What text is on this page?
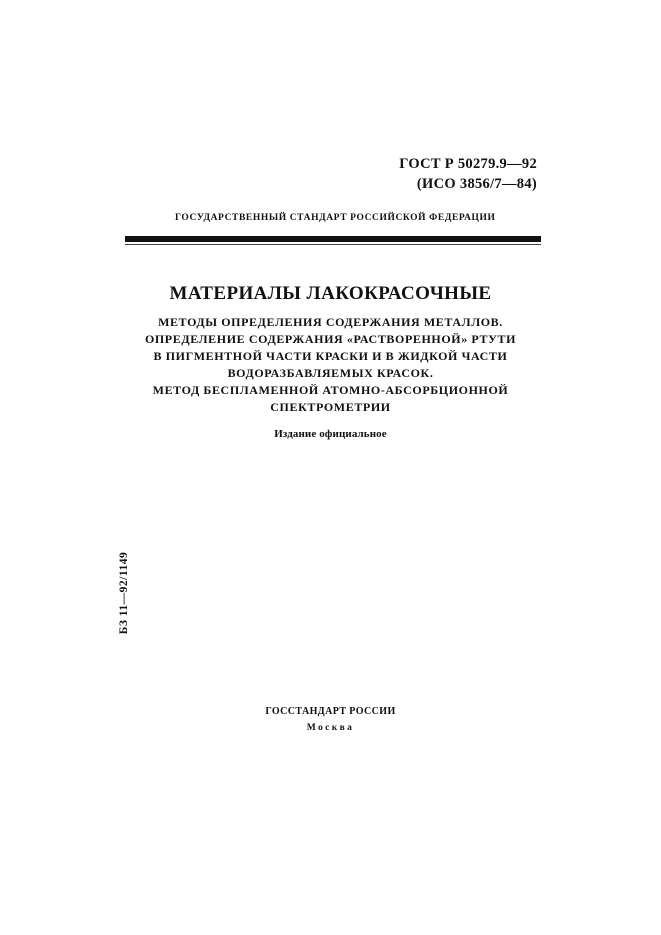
ГОСТ Р 50279.9—92
(ИСО 3856/7—84)
ГОСУДАРСТВЕННЫЙ СТАНДАРТ РОССИЙСКОЙ ФЕДЕРАЦИИ
МАТЕРИАЛЫ ЛАКОКРАСОЧНЫЕ
МЕТОДЫ ОПРЕДЕЛЕНИЯ СОДЕРЖАНИЯ МЕТАЛЛОВ.
ОПРЕДЕЛЕНИЕ СОДЕРЖАНИЯ «РАСТВОРЕННОЙ» РТУТИ
В ПИГМЕНТНОЙ ЧАСТИ КРАСКИ И В ЖИДКОЙ ЧАСТИ
ВОДОРАЗБАВЛЯЕМЫХ КРАСОК.
МЕТОД БЕСПЛАМЕННОЙ АТОМНО-АБСОРБЦИОННОЙ
СПЕКТРОМЕТРИИ
Издание официальное
БЗ 11—92/1149
ГОССТАНДАРТ РОССИИ
Москва
